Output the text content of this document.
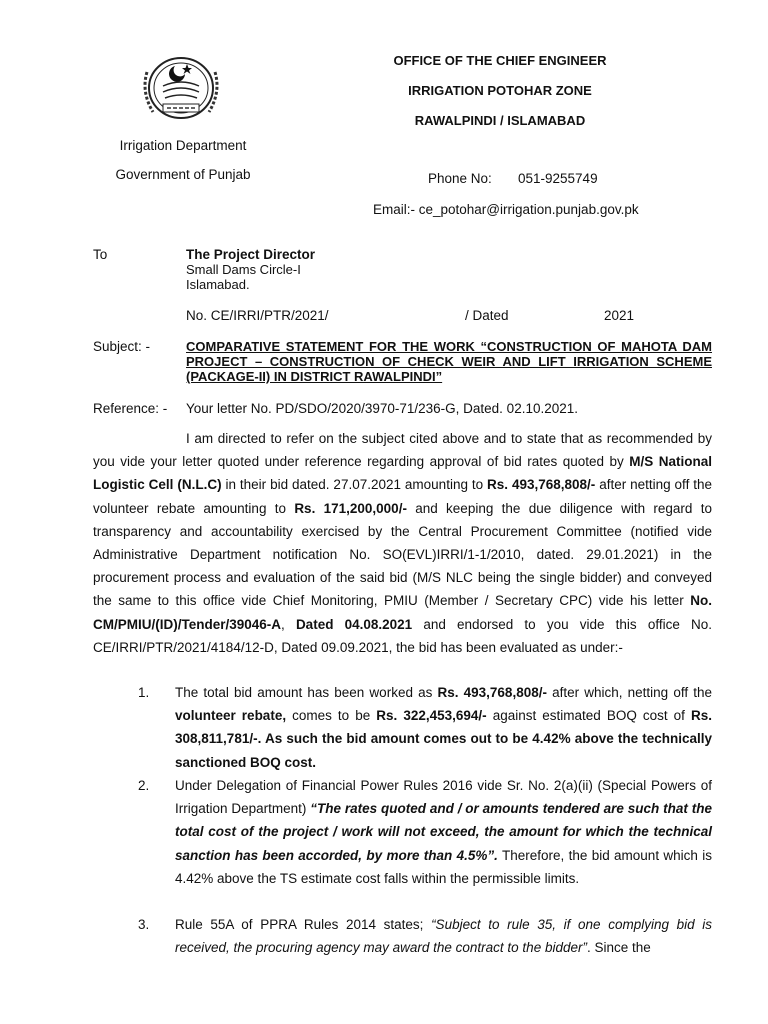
OFFICE OF THE CHIEF ENGINEER
IRRIGATION POTOHAR ZONE
RAWALPINDI / ISLAMABAD
Irrigation Department
Government of Punjab	Phone No: 051-9255749
Email:- ce_potohar@irrigation.punjab.gov.pk
To	The Project Director
Small Dams Circle-I
Islamabad.
No. CE/IRRI/PTR/2021/	/ Dated	2021
Subject: -	COMPARATIVE STATEMENT FOR THE WORK “CONSTRUCTION OF MAHOTA DAM PROJECT – CONSTRUCTION OF CHECK WEIR AND LIFT IRRIGATION SCHEME (PACKAGE-II) IN DISTRICT RAWALPINDI”
Reference: - Your letter No. PD/SDO/2020/3970-71/236-G, Dated. 02.10.2021.
I am directed to refer on the subject cited above and to state that as recommended by you vide your letter quoted under reference regarding approval of bid rates quoted by M/S National Logistic Cell (N.L.C) in their bid dated. 27.07.2021 amounting to Rs. 493,768,808/- after netting off the volunteer rebate amounting to Rs. 171,200,000/- and keeping the due diligence with regard to transparency and accountability exercised by the Central Procurement Committee (notified vide Administrative Department notification No. SO(EVL)IRRI/1-1/2010, dated. 29.01.2021) in the procurement process and evaluation of the said bid (M/S NLC being the single bidder) and conveyed the same to this office vide Chief Monitoring, PMIU (Member / Secretary CPC) vide his letter No. CM/PMIU/(ID)/Tender/39046-A, Dated 04.08.2021 and endorsed to you vide this office No. CE/IRRI/PTR/2021/4184/12-D, Dated 09.09.2021, the bid has been evaluated as under:-
1. The total bid amount has been worked as Rs. 493,768,808/- after which, netting off the volunteer rebate, comes to be Rs. 322,453,694/- against estimated BOQ cost of Rs. 308,811,781/-. As such the bid amount comes out to be 4.42% above the technically sanctioned BOQ cost.
2. Under Delegation of Financial Power Rules 2016 vide Sr. No. 2(a)(ii) (Special Powers of Irrigation Department) “The rates quoted and / or amounts tendered are such that the total cost of the project / work will not exceed, the amount for which the technical sanction has been accorded, by more than 4.5%”. Therefore, the bid amount which is 4.42% above the TS estimate cost falls within the permissible limits.
3. Rule 55A of PPRA Rules 2014 states; “Subject to rule 35, if one complying bid is received, the procuring agency may award the contract to the bidder”. Since the
